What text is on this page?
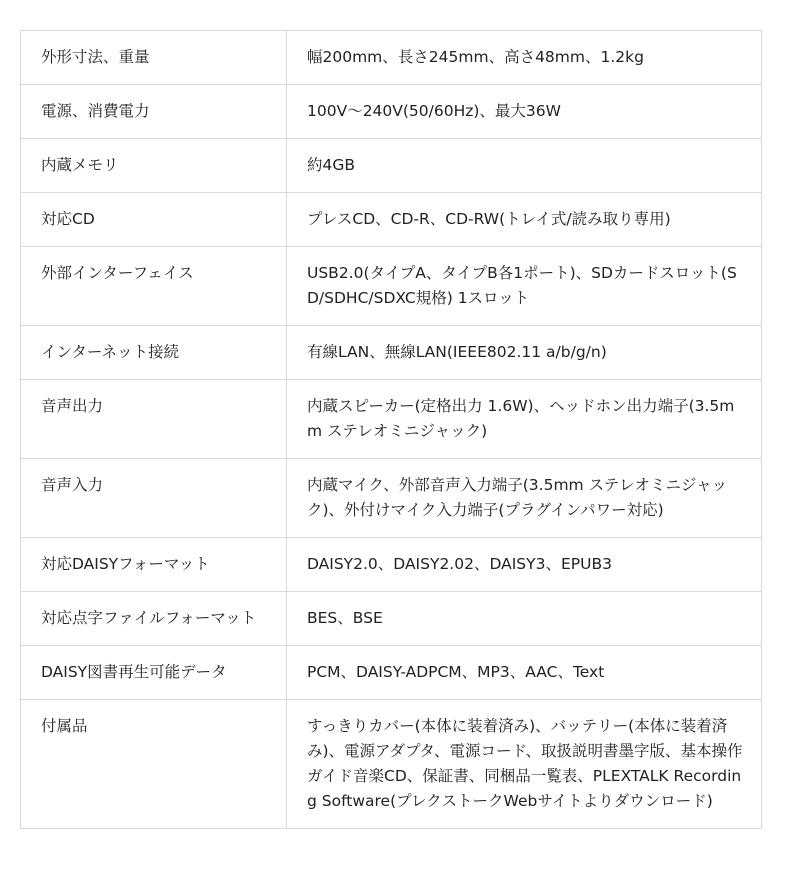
外形寸法、重量	幅200mm、長さ245mm、高さ48mm、1.2kg
電源、消費電力	100V～240V(50/60Hz)、最大36W
内蔵メモリ	約4GB
対応CD	プレスCD、CD-R、CD-RW(トレイ式/読み取り専用)
外部インターフェイス	USB2.0(タイプA、タイプB各1ポート)、SDカードスロット(SD/SDHC/SDXC規格) 1スロット
インターネット接続	有線LAN、無線LAN(IEEE802.11 a/b/g/n)
音声出力	内蔵スピーカー(定格出力 1.6W)、ヘッドホン出力端子(3.5mm ステレオミニジャック)
音声入力	内蔵マイク、外部音声入力端子(3.5mm ステレオミニジャック)、外付けマイク入力端子(プラグインパワー対応)
対応DAISYフォーマット	DAISY2.0、DAISY2.02、DAISY3、EPUB3
対応点字ファイルフォーマット	BES、BSE
DAISY図書再生可能データ	PCM、DAISY-ADPCM、MP3、AAC、Text
付属品	すっきりカバー(本体に装着済み)、バッテリー(本体に装着済み)、電源アダプタ、電源コード、取扱説明書墨字版、基本操作ガイド音楽CD、保証書、同梱品一覧表、PLEXTALK Recording Software(プレクストークWebサイトよりダウンロード)
